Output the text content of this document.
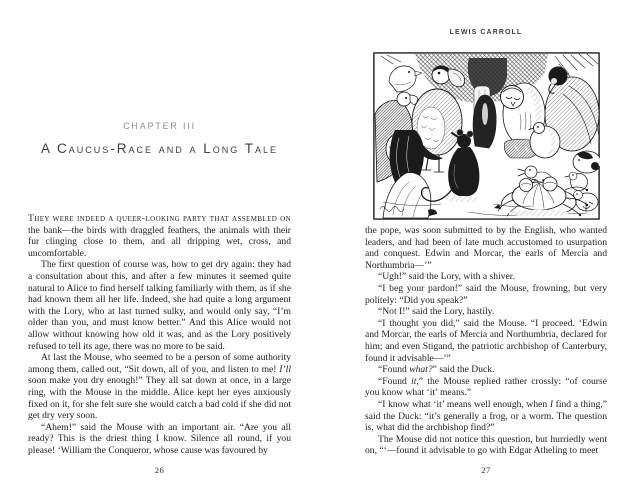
CHAPTER III
A Caucus-Race and a Long Tale

They were indeed a queer-looking party that assembled on the bank—the birds with draggled feathers, the animals with their fur clinging close to them, and all dripping wet, cross, and uncomfortable.

The first question of course was, how to get dry again: they had a consultation about this, and after a few minutes it seemed quite natural to Alice to find herself talking familiarly with them, as if she had known them all her life. Indeed, she had quite a long argument with the Lory, who at last turned sulky, and would only say, “I’m older than you, and must know better.” And this Alice would not allow without knowing how old it was, and as the Lory positively refused to tell its age, there was no more to be said.

At last the Mouse, who seemed to be a person of some authority among them, called out, “Sit down, all of you, and listen to me! I’ll soon make you dry enough!” They all sat down at once, in a large ring, with the Mouse in the middle. Alice kept her eyes anxiously fixed on it, for she felt sure she would catch a bad cold if she did not get dry very soon.

“Ahem!” said the Mouse with an important air. “Are you all ready? This is the driest thing I know. Silence all round, if you please! ‘William the Conqueror, whose cause was favoured by

26
LEWIS CARROLL

the pope, was soon submitted to by the English, who wanted leaders, and had been of late much accustomed to usurpation and conquest. Edwin and Morcar, the earls of Mercia and Northumbria—’”

“Ugh!” said the Lory, with a shiver.

“I beg your pardon!” said the Mouse, frowning, but very politely: “Did you speak?”

“Not I!” said the Lory, hastily.

“I thought you did,” said the Mouse. “I proceed. ‘Edwin and Morcar, the earls of Mercia and Northumbria, declared for him; and even Stigand, the patriotic archbishop of Canterbury, found it advisable—’”

“Found what?” said the Duck.

“Found it,” the Mouse replied rather crossly: “of course you know what ‘it’ means.”

“I know what ‘it’ means well enough, when I find a thing,” said the Duck: “it’s generally a frog, or a worm. The question is, what did the archbishop find?”

The Mouse did not notice this question, but hurriedly went on, “‘—found it advisable to go with Edgar Atheling to meet

27
